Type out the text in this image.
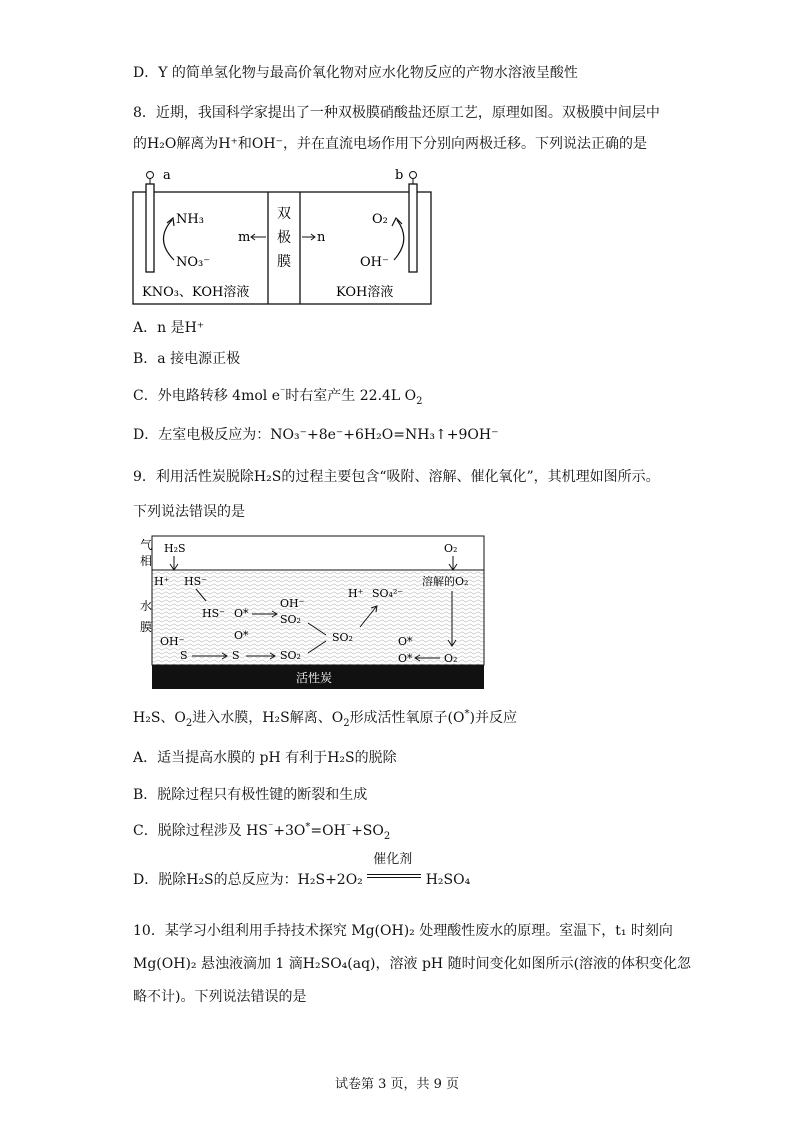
D．Y 的简单氢化物与最高价氧化物对应水化物反应的产物水溶液呈酸性
8．近期，我国科学家提出了一种双极膜硝酸盐还原工艺，原理如图。双极膜中间层中
的H₂O解离为H⁺和OH⁻，并在直流电场作用下分别向两极迁移。下列说法正确的是
a	b
NH₃
NO₃⁻
m
双
极
膜
n
O₂
OH⁻
KNO₃、KOH溶液	KOH溶液
A．n 是H⁺
B．a 接电源正极
C．外电路转移 4mol e⁻时右室产生 22.4L $O_2$
D．左室电极反应为：NO₃⁻+8e⁻+6H₂O=NH₃↑+9OH⁻
9．利用活性炭脱除H₂S的过程主要包含“吸附、溶解、催化氧化”，其机理如图所示。
下列说法错误的是
气
相
水
膜
H₂S	O₂
H⁺ HS⁻
HS⁻ O*
OH⁻
SO₂
O*
OH⁻
S	S	SO₂
SO₂
H⁺ SO₄²⁻
溶解的O₂
O*
O*	O₂
活性炭
H₂S、$O_2$进入水膜，H₂S解离、$O_2$形成活性氧原子(O*)并反应
A．适当提高水膜的 pH 有利于H₂S的脱除
B．脱除过程只有极性键的断裂和生成
C．脱除过程涉及 $HS^{^-}+3O^*=OH^{^-}+SO_2$
D．脱除H₂S的总反应为：H₂S+2O₂
催化剂
H₂SO₄
10．某学习小组利用手持技术探究 Mg(OH)₂ 处理酸性废水的原理。室温下，t₁ 时刻向
Mg(OH)₂ 悬浊液滴加 1 滴H₂SO₄(aq)，溶液 pH 随时间变化如图所示(溶液的体积变化忽
略不计)。下列说法错误的是
试卷第 3 页，共 9 页
